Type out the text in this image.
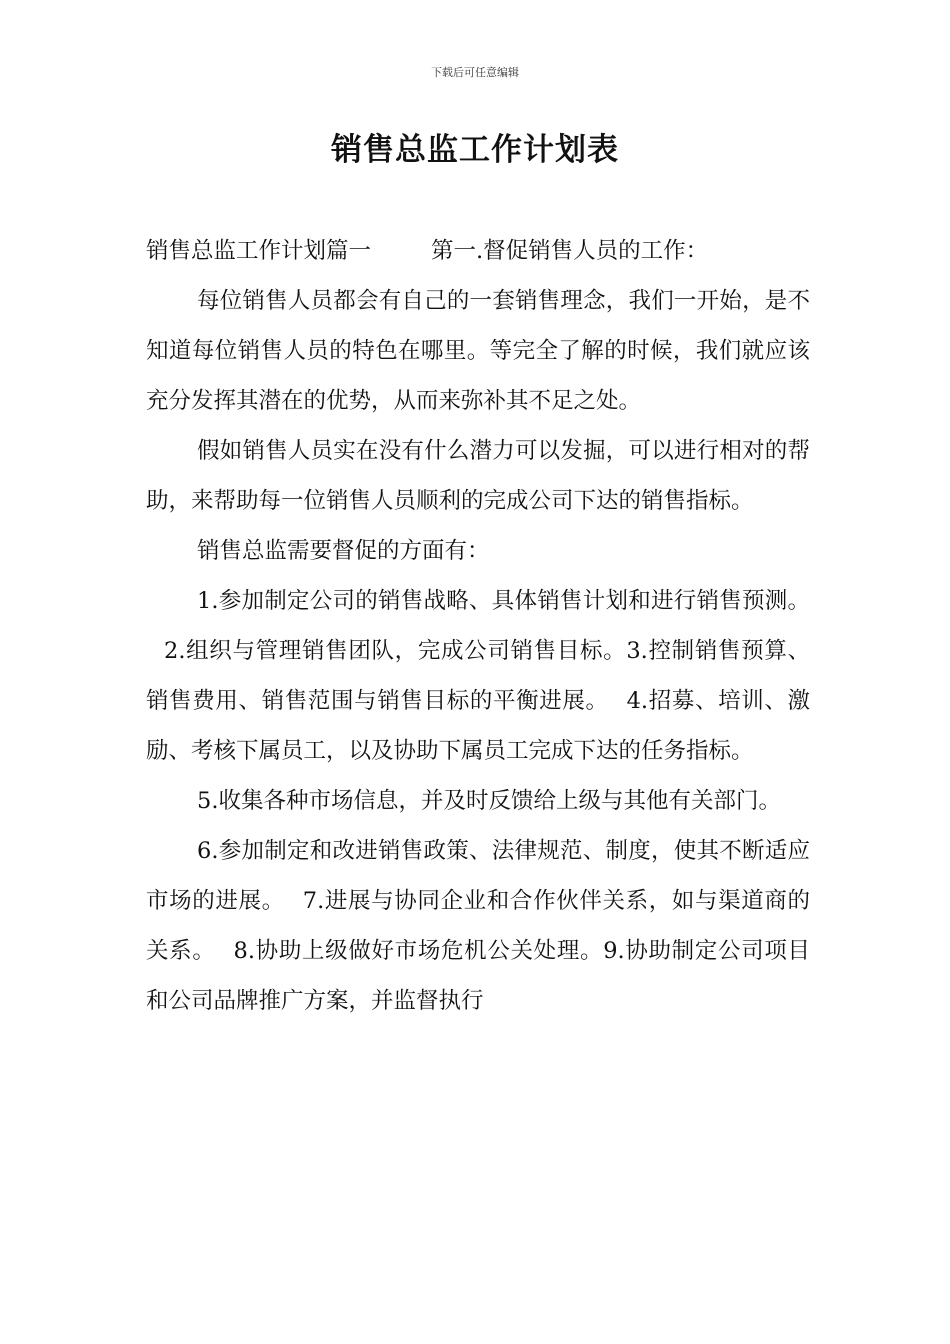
下载后可任意编辑
销售总监工作计划表

销售总监工作计划篇一	第一.督促销售人员的工作：

每位销售人员都会有自己的一套销售理念，我们一开始，是不知道每位销售人员的特色在哪里。等完全了解的时候，我们就应该充分发挥其潜在的优势，从而来弥补其不足之处。

假如销售人员实在没有什么潜力可以发掘，可以进行相对的帮助，来帮助每一位销售人员顺利的完成公司下达的销售指标。

销售总监需要督促的方面有：

1.参加制定公司的销售战略、具体销售计划和进行销售预测。2.组织与管理销售团队，完成公司销售目标。3.控制销售预算、销售费用、销售范围与销售目标的平衡进展。 4.招募、培训、激励、考核下属员工，以及协助下属员工完成下达的任务指标。

5.收集各种市场信息，并及时反馈给上级与其他有关部门。

6.参加制定和改进销售政策、法律规范、制度，使其不断适应市场的进展。 7.进展与协同企业和合作伙伴关系，如与渠道商的关系。 8.协助上级做好市场危机公关处理。9.协助制定公司项目和公司品牌推广方案，并监督执行
